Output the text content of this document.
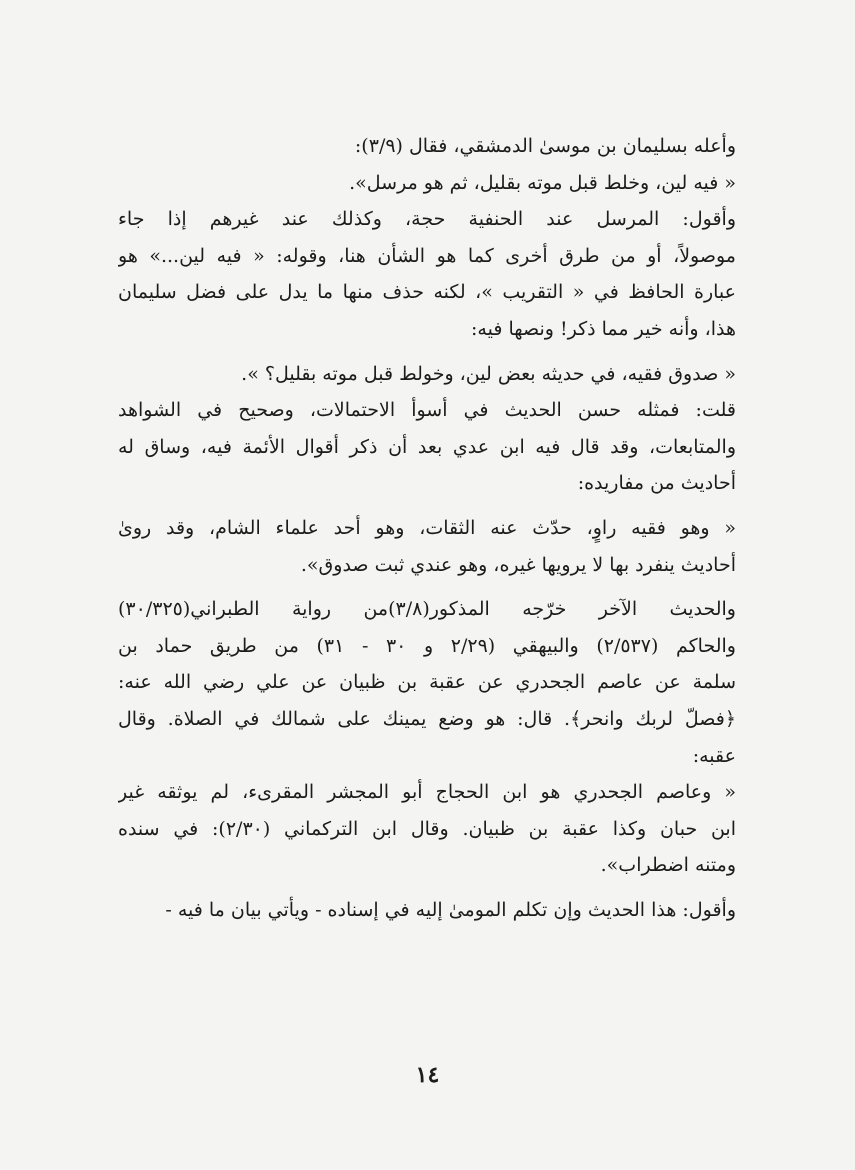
وأعله بسليمان بن موسىٰ الدمشقي، فقال (٣/٩):
« فيه لين، وخلط قبل موته بقليل، ثم هو مرسل».
وأقول: المرسل عند الحنفية حجة، وكذلك عند غيرهم إذا جاء
موصولاً، أو من طرق أخرى كما هو الشأن هنا، وقوله: « فيه لين...» هو
عبارة الحافظ في « التقريب »، لكنه حذف منها ما يدل على فضل سليمان
هذا، وأنه خير مما ذكر! ونصها فيه:
« صدوق فقيه، في حديثه بعض لين، وخولط قبل موته بقليل؟ ».
قلت: فمثله حسن الحديث في أسوأ الاحتمالات، وصحيح في الشواهد
والمتابعات، وقد قال فيه ابن عدي بعد أن ذكر أقوال الأئمة فيه، وساق له
أحاديث من مفاريده:
« وهو فقيه راوٍ، حدّث عنه الثقات، وهو أحد علماء الشام، وقد روىٰ
أحاديث ينفرد بها لا يرويها غيره، وهو عندي ثبت صدوق».
والحديث الآخر خرّجه المذكور(٣/٨)من رواية الطبراني(٣٠/٣٢٥)
والحاكم (٢/٥٣٧) والبيهقي (٢/٢٩ و ٣٠ - ٣١) من طريق حماد بن
سلمة عن عاصم الجحدري عن عقبة بن ظبيان عن علي رضي الله عنه:
﴿فصلّ لربك وانحر﴾. قال: هو وضع يمينك على شمالك في الصلاة. وقال
عقبه:
« وعاصم الجحدري هو ابن الحجاج أبو المجشر المقرىء، لم يوثقه غير
ابن حبان وكذا عقبة بن ظبيان. وقال ابن التركماني (٢/٣٠): في سنده
ومتنه اضطراب».
وأقول: هذا الحديث وإن تكلم المومىٰ إليه في إسناده - ويأتي بيان ما فيه -
١٤
